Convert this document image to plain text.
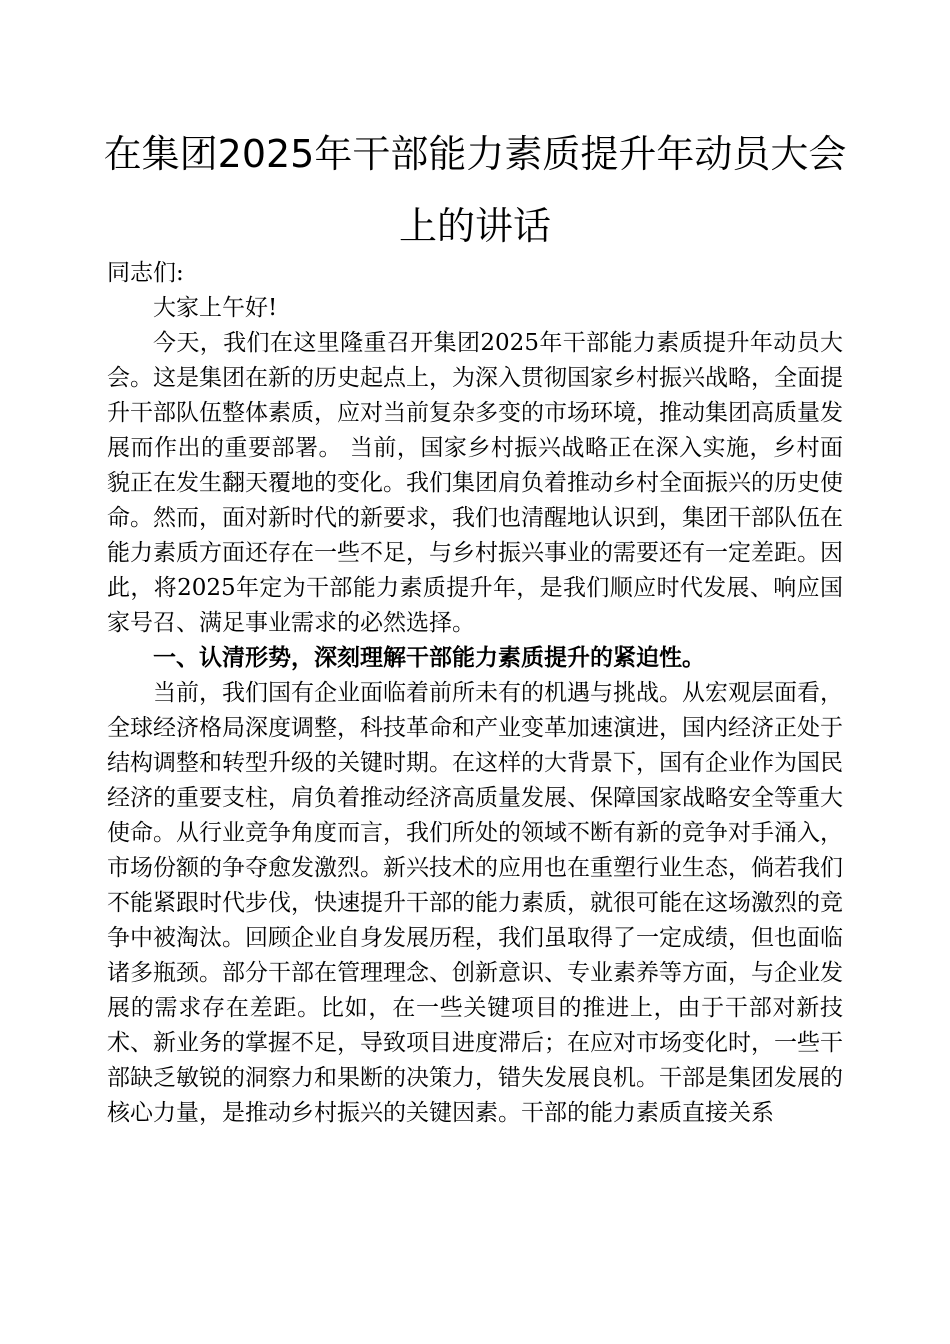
在集团2025年干部能力素质提升年动员大会上的讲话

同志们:

大家上午好!

今天，我们在这里隆重召开集团2025年干部能力素质提升年动员大会。这是集团在新的历史起点上，为深入贯彻国家乡村振兴战略，全面提升干部队伍整体素质，应对当前复杂多变的市场环境，推动集团高质量发展而作出的重要部署。 当前，国家乡村振兴战略正在深入实施，乡村面貌正在发生翻天覆地的变化。我们集团肩负着推动乡村全面振兴的历史使命。然而，面对新时代的新要求，我们也清醒地认识到，集团干部队伍在能力素质方面还存在一些不足，与乡村振兴事业的需要还有一定差距。因此，将2025年定为干部能力素质提升年，是我们顺应时代发展、响应国家号召、满足事业需求的必然选择。

一、认清形势，深刻理解干部能力素质提升的紧迫性。

当前，我们国有企业面临着前所未有的机遇与挑战。从宏观层面看，全球经济格局深度调整，科技革命和产业变革加速演进，国内经济正处于结构调整和转型升级的关键时期。在这样的大背景下，国有企业作为国民经济的重要支柱，肩负着推动经济高质量发展、保障国家战略安全等重大使命。从行业竞争角度而言，我们所处的领域不断有新的竞争对手涌入，市场份额的争夺愈发激烈。新兴技术的应用也在重塑行业生态，倘若我们不能紧跟时代步伐，快速提升干部的能力素质，就很可能在这场激烈的竞争中被淘汰。回顾企业自身发展历程，我们虽取得了一定成绩，但也面临诸多瓶颈。部分干部在管理理念、创新意识、专业素养等方面，与企业发展的需求存在差距。比如，在一些关键项目的推进上，由于干部对新技术、新业务的掌握不足，导致项目进度滞后；在应对市场变化时，一些干部缺乏敏锐的洞察力和果断的决策力，错失发展良机。干部是集团发展的核心力量，是推动乡村振兴的关键因素。干部的能力素质直接关系
